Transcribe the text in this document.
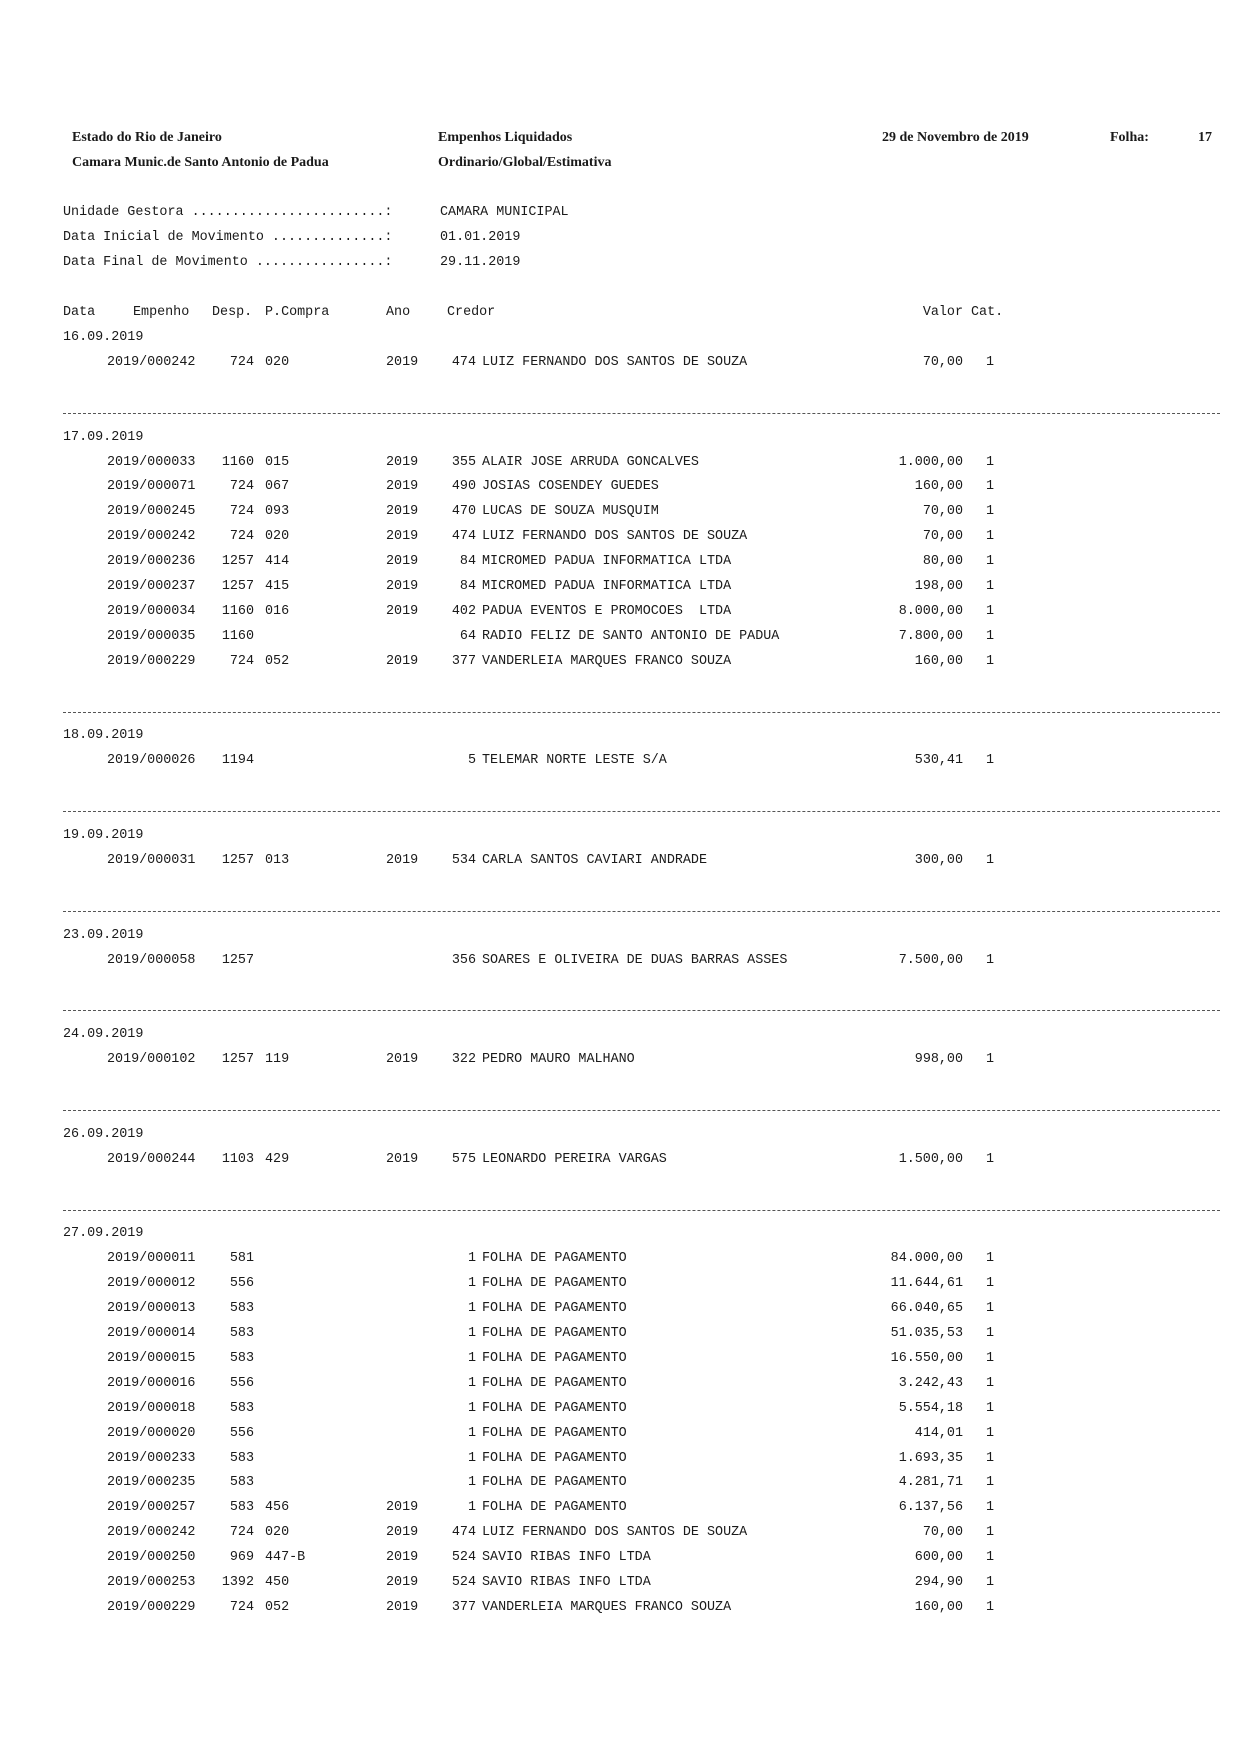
Estado do Rio de Janeiro
Camara Munic.de Santo Antonio de Padua
Empenhos Liquidados
Ordinario/Global/Estimativa
29 de Novembro de 2019	Folha:	17
Unidade Gestora ........................:	CAMARA MUNICIPAL
Data Inicial de Movimento ..............:	01.01.2019
Data Final de Movimento ................:	29.11.2019
Data	Empenho Desp. P.Compra	Ano	Credor	Valor Cat.
16.09.2019
2019/000242	724 020	2019	474 LUIZ FERNANDO DOS SANTOS DE SOUZA	70,00 1
17.09.2019
2019/000033	1160 015	2019	355 ALAIR JOSE ARRUDA GONCALVES	1.000,00 1
2019/000071	724 067	2019	490 JOSIAS COSENDEY GUEDES	160,00 1
2019/000245	724 093	2019	470 LUCAS DE SOUZA MUSQUIM	70,00 1
2019/000242	724 020	2019	474 LUIZ FERNANDO DOS SANTOS DE SOUZA	70,00 1
2019/000236	1257 414	2019	84 MICROMED PADUA INFORMATICA LTDA	80,00 1
2019/000237	1257 415	2019	84 MICROMED PADUA INFORMATICA LTDA	198,00 1
2019/000034	1160 016	2019	402 PADUA EVENTOS E PROMOCOES  LTDA	8.000,00 1
2019/000035	1160	64 RADIO FELIZ DE SANTO ANTONIO DE PADUA	7.800,00 1
2019/000229	724 052	2019	377 VANDERLEIA MARQUES FRANCO SOUZA	160,00 1
18.09.2019
2019/000026	1194	5 TELEMAR NORTE LESTE S/A	530,41 1
19.09.2019
2019/000031	1257 013	2019	534 CARLA SANTOS CAVIARI ANDRADE	300,00 1
23.09.2019
2019/000058	1257	356 SOARES E OLIVEIRA DE DUAS BARRAS ASSES	7.500,00 1
24.09.2019
2019/000102	1257 119	2019	322 PEDRO MAURO MALHANO	998,00 1
26.09.2019
2019/000244	1103 429	2019	575 LEONARDO PEREIRA VARGAS	1.500,00 1
27.09.2019
2019/000011	581	1 FOLHA DE PAGAMENTO	84.000,00 1
2019/000012	556	1 FOLHA DE PAGAMENTO	11.644,61 1
2019/000013	583	1 FOLHA DE PAGAMENTO	66.040,65 1
2019/000014	583	1 FOLHA DE PAGAMENTO	51.035,53 1
2019/000015	583	1 FOLHA DE PAGAMENTO	16.550,00 1
2019/000016	556	1 FOLHA DE PAGAMENTO	3.242,43 1
2019/000018	583	1 FOLHA DE PAGAMENTO	5.554,18 1
2019/000020	556	1 FOLHA DE PAGAMENTO	414,01 1
2019/000233	583	1 FOLHA DE PAGAMENTO	1.693,35 1
2019/000235	583	1 FOLHA DE PAGAMENTO	4.281,71 1
2019/000257	583 456	2019	1 FOLHA DE PAGAMENTO	6.137,56 1
2019/000242	724 020	2019	474 LUIZ FERNANDO DOS SANTOS DE SOUZA	70,00 1
2019/000250	969 447-B	2019	524 SAVIO RIBAS INFO LTDA	600,00 1
2019/000253	1392 450	2019	524 SAVIO RIBAS INFO LTDA	294,90 1
2019/000229	724 052	2019	377 VANDERLEIA MARQUES FRANCO SOUZA	160,00 1
